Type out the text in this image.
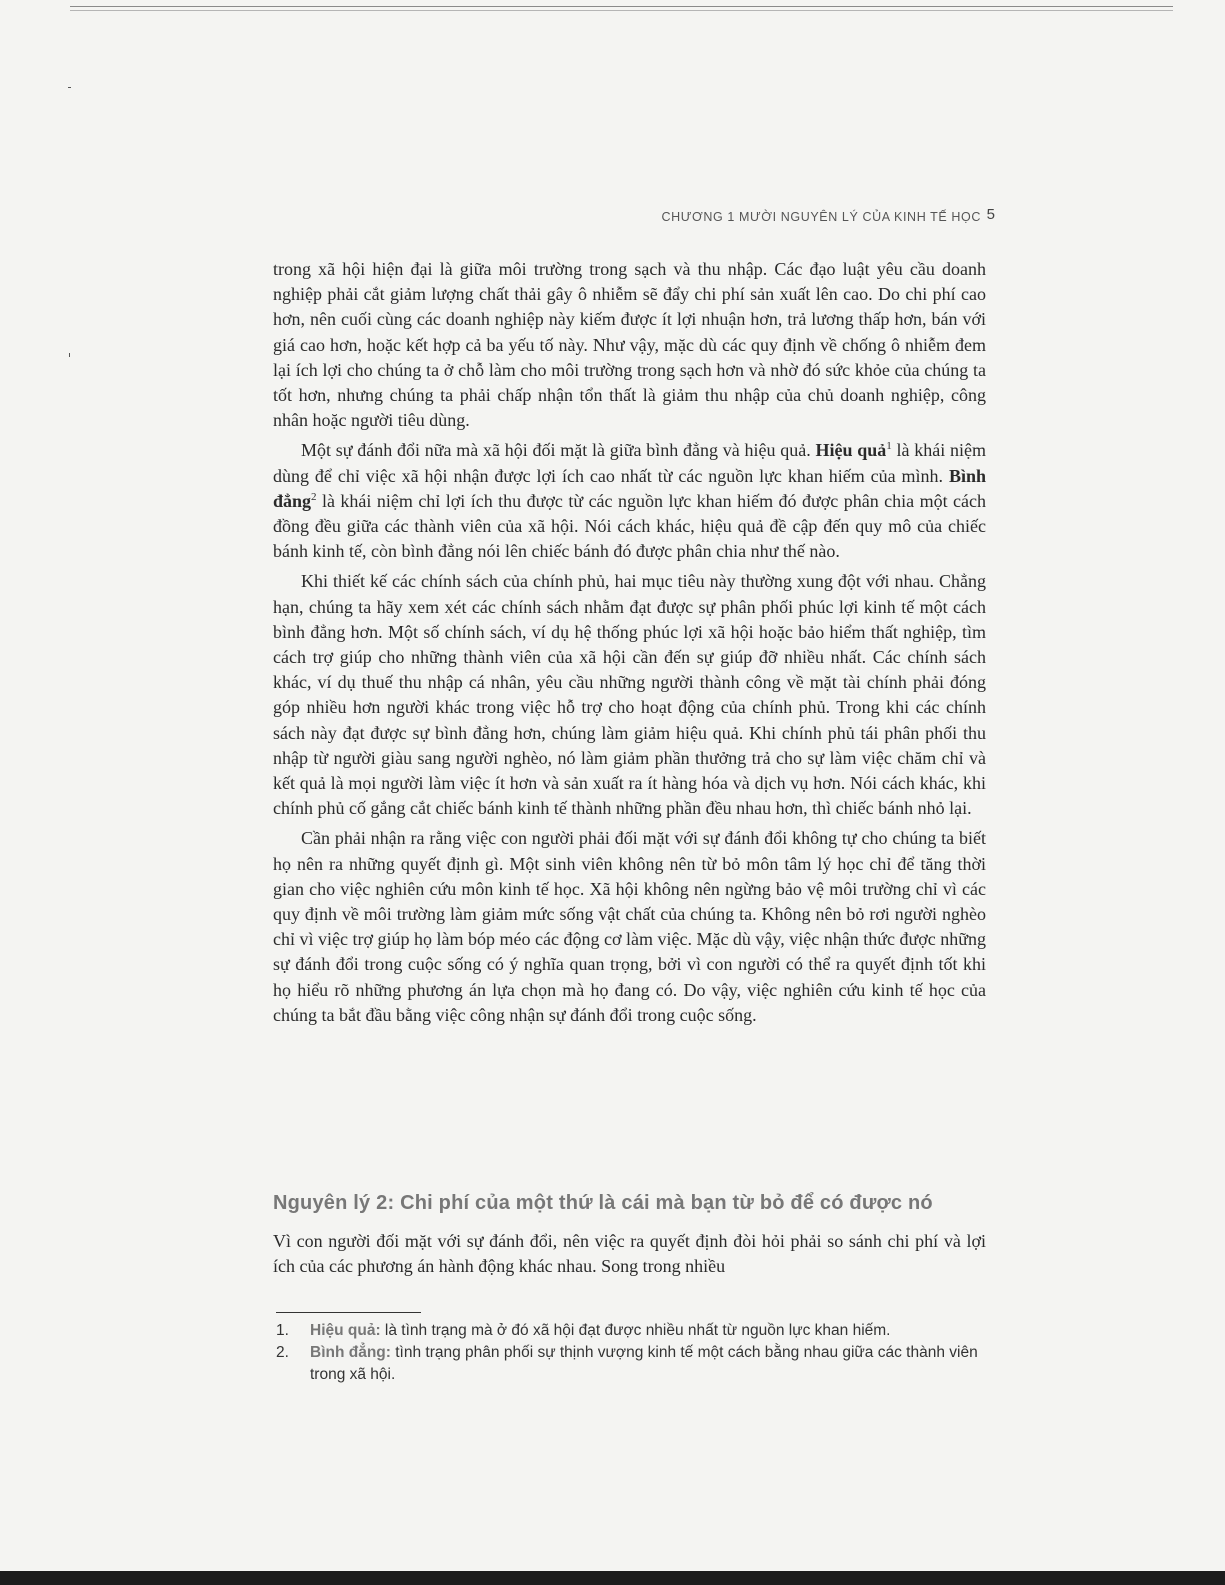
CHƯƠNG 1 MƯỜI NGUYÊN LÝ CỦA KINH TẾ HỌC 5

trong xã hội hiện đại là giữa môi trường trong sạch và thu nhập. Các đạo luật yêu cầu doanh nghiệp phải cắt giảm lượng chất thải gây ô nhiễm sẽ đẩy chi phí sản xuất lên cao. Do chi phí cao hơn, nên cuối cùng các doanh nghiệp này kiếm được ít lợi nhuận hơn, trả lương thấp hơn, bán với giá cao hơn, hoặc kết hợp cả ba yếu tố này. Như vậy, mặc dù các quy định về chống ô nhiễm đem lại ích lợi cho chúng ta ở chỗ làm cho môi trường trong sạch hơn và nhờ đó sức khỏe của chúng ta tốt hơn, nhưng chúng ta phải chấp nhận tổn thất là giảm thu nhập của chủ doanh nghiệp, công nhân hoặc người tiêu dùng.

Một sự đánh đổi nữa mà xã hội đối mặt là giữa bình đẳng và hiệu quả. Hiệu quả$^1$ là khái niệm dùng để chỉ việc xã hội nhận được lợi ích cao nhất từ các nguồn lực khan hiếm của mình. Bình đẳng$^2$ là khái niệm chỉ lợi ích thu được từ các nguồn lực khan hiếm đó được phân chia một cách đồng đều giữa các thành viên của xã hội. Nói cách khác, hiệu quả đề cập đến quy mô của chiếc bánh kinh tế, còn bình đẳng nói lên chiếc bánh đó được phân chia như thế nào.

Khi thiết kế các chính sách của chính phủ, hai mục tiêu này thường xung đột với nhau. Chẳng hạn, chúng ta hãy xem xét các chính sách nhằm đạt được sự phân phối phúc lợi kinh tế một cách bình đẳng hơn. Một số chính sách, ví dụ hệ thống phúc lợi xã hội hoặc bảo hiểm thất nghiệp, tìm cách trợ giúp cho những thành viên của xã hội cần đến sự giúp đỡ nhiều nhất. Các chính sách khác, ví dụ thuế thu nhập cá nhân, yêu cầu những người thành công về mặt tài chính phải đóng góp nhiều hơn người khác trong việc hỗ trợ cho hoạt động của chính phủ. Trong khi các chính sách này đạt được sự bình đẳng hơn, chúng làm giảm hiệu quả. Khi chính phủ tái phân phối thu nhập từ người giàu sang người nghèo, nó làm giảm phần thưởng trả cho sự làm việc chăm chỉ và kết quả là mọi người làm việc ít hơn và sản xuất ra ít hàng hóa và dịch vụ hơn. Nói cách khác, khi chính phủ cố gắng cắt chiếc bánh kinh tế thành những phần đều nhau hơn, thì chiếc bánh nhỏ lại.

Cần phải nhận ra rằng việc con người phải đối mặt với sự đánh đổi không tự cho chúng ta biết họ nên ra những quyết định gì. Một sinh viên không nên từ bỏ môn tâm lý học chỉ để tăng thời gian cho việc nghiên cứu môn kinh tế học. Xã hội không nên ngừng bảo vệ môi trường chỉ vì các quy định về môi trường làm giảm mức sống vật chất của chúng ta. Không nên bỏ rơi người nghèo chỉ vì việc trợ giúp họ làm bóp méo các động cơ làm việc. Mặc dù vậy, việc nhận thức được những sự đánh đổi trong cuộc sống có ý nghĩa quan trọng, bởi vì con người có thể ra quyết định tốt khi họ hiểu rõ những phương án lựa chọn mà họ đang có. Do vậy, việc nghiên cứu kinh tế học của chúng ta bắt đầu bằng việc công nhận sự đánh đổi trong cuộc sống.

Nguyên lý 2: Chi phí của một thứ là cái mà bạn từ bỏ để có được nó
Vì con người đối mặt với sự đánh đổi, nên việc ra quyết định đòi hỏi phải so sánh chi phí và lợi ích của các phương án hành động khác nhau. Song trong nhiều
1.	Hiệu quả: là tình trạng mà ở đó xã hội đạt được nhiều nhất từ nguồn lực khan hiếm.
2.	Bình đẳng: tình trạng phân phối sự thịnh vượng kinh tế một cách bằng nhau giữa các thành viên trong xã hội.
